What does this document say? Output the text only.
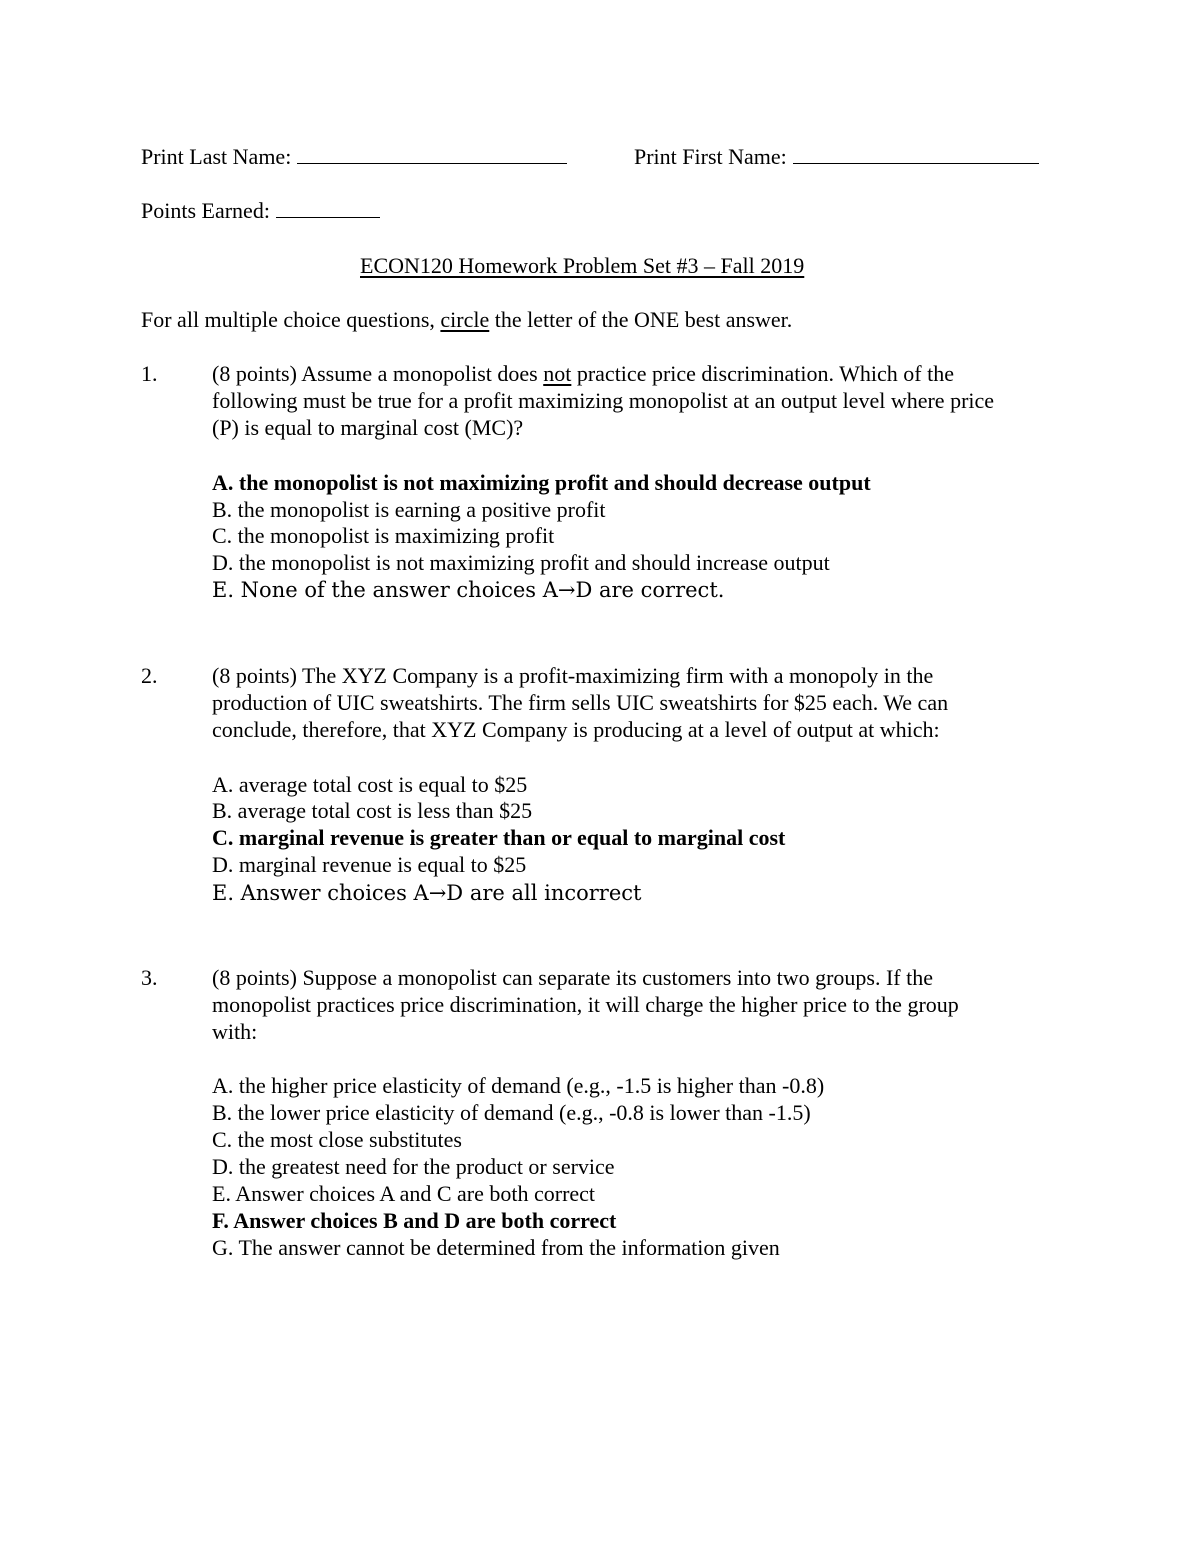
Print Last Name:	Print First Name:
Points Earned:
ECON120 Homework Problem Set #3 – Fall 2019
For all multiple choice questions, circle the letter of the ONE best answer.
1. (8 points) Assume a monopolist does not practice price discrimination. Which of the
following must be true for a profit maximizing monopolist at an output level where price
(P) is equal to marginal cost (MC)?
A. the monopolist is not maximizing profit and should decrease output
B. the monopolist is earning a positive profit
C. the monopolist is maximizing profit
D. the monopolist is not maximizing profit and should increase output
E. None of the answer choices A→D are correct.
2. (8 points) The XYZ Company is a profit-maximizing firm with a monopoly in the
production of UIC sweatshirts. The firm sells UIC sweatshirts for $25 each. We can
conclude, therefore, that XYZ Company is producing at a level of output at which:
A. average total cost is equal to $25
B. average total cost is less than $25
C. marginal revenue is greater than or equal to marginal cost
D. marginal revenue is equal to $25
E. Answer choices A→D are all incorrect
3. (8 points) Suppose a monopolist can separate its customers into two groups. If the
monopolist practices price discrimination, it will charge the higher price to the group
with:
A. the higher price elasticity of demand (e.g., -1.5 is higher than -0.8)
B. the lower price elasticity of demand (e.g., -0.8 is lower than -1.5)
C. the most close substitutes
D. the greatest need for the product or service
E. Answer choices A and C are both correct
F. Answer choices B and D are both correct
G. The answer cannot be determined from the information given
